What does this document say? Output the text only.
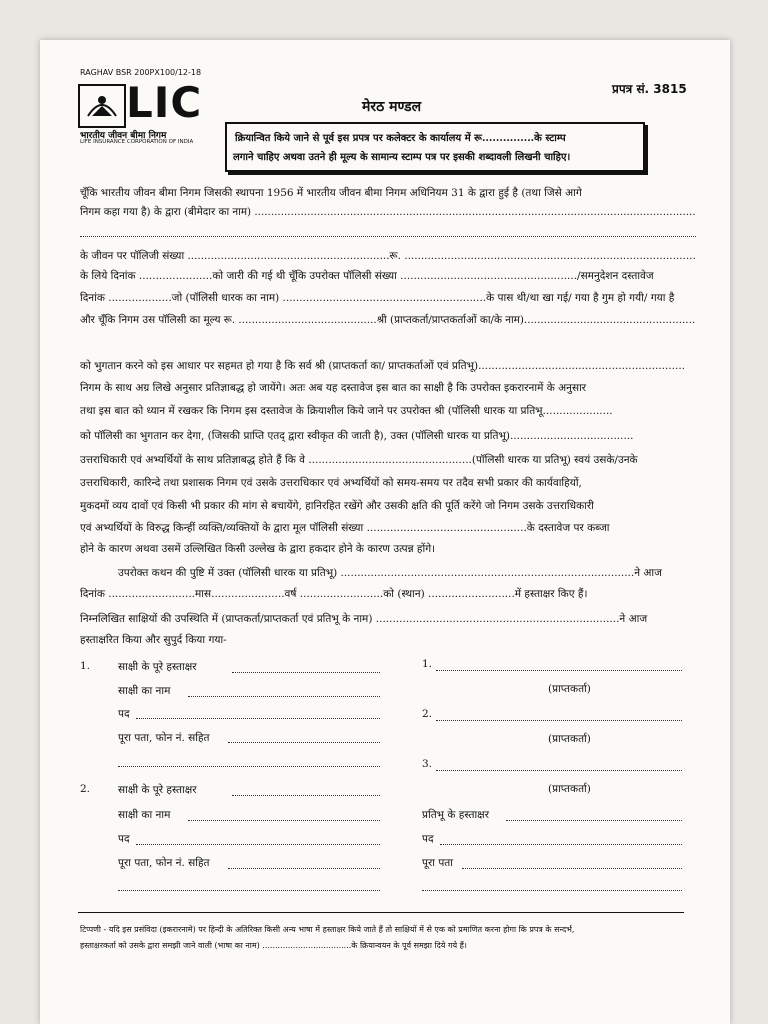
RAGHAV BSR 200PX100/12-18
प्रपत्र सं. 3815
LIC
भारतीय जीवन बीमा निगम
LIFE INSURANCE CORPORATION OF INDIA
मेरठ मण्डल
क्रियान्वित किये जाने से पूर्व इस प्रपत्र पर कलेक्टर के कार्यालय में रू...............के स्टाम्प
लगाने चाहिए अथवा उतने ही मूल्य के सामान्य स्टाम्प पत्र पर इसकी शब्दावली लिखनी चाहिए।
चूँकि भारतीय जीवन बीमा निगम जिसकी स्थापना 1956 में भारतीय जीवन बीमा निगम अधिनियम 31 के द्वारा हुई है (तथा जिसे आगे
निगम कहा गया है) के द्वारा (बीमेदार का नाम) ......................................................................................................................................
के जीवन पर पॉलिजी संख्या .............................................................रू. ........................................................................................
के लिये दिनांक ......................को जारी की गई थी चूँकि उपरोक्त पॉलिसी संख्या ...................................................../समनुदेशन दस्तावेज
दिनांक ...................जो (पॉलिसी धारक का नाम) .............................................................के पास थी/था खा गई/ गया है गुम हो गयी/ गया है
और चूँकि निगम उस पॉलिसी का मूल्य रू. ..........................................श्री (प्राप्तकर्ता/प्राप्तकर्ताओं का/के नाम)....................................................
को भुगतान करने को इस आधार पर सहमत हो गया है कि सर्व श्री (प्राप्तकर्ता का/ प्राप्तकर्ताओं एवं प्रतिभू)..............................................................
निगम के साथ अग्र लिखे अनुसार प्रतिज्ञाबद्ध हो जायेंगे। अतः अब यह दस्तावेज इस बात का साक्षी है कि उपरोक्त इकरारनामें के अनुसार
तथा इस बात को ध्यान में रखकर कि निगम इस दस्तावेज के क्रियाशील किये जाने पर उपरोक्त श्री (पॉलिसी धारक या प्रतिभू.....................
को पॉलिसी का भुगतान कर देगा, (जिसकी प्राप्ति एतद् द्वारा स्वीकृत की जाती है), उक्त (पॉलिसी धारक या प्रतिभू).....................................
उत्तराधिकारी एवं अभ्यर्थियों के साथ प्रतिज्ञाबद्ध होते हैं कि वे .................................................(पॉलिसी धारक या प्रतिभू) स्वयं उसके/उनके
उत्तराधिकारी, कारिन्दे तथा प्रशासक निगम एवं उसके उत्तराधिकार एवं अभ्यर्थियों को समय-समय पर तदैव सभी प्रकार की कार्यवाहियों,
मुकदमों व्यय दावों एवं किसी भी प्रकार की मांग से बचायेंगे, हानिरहित रखेंगे और उसकी क्षति की पूर्ति करेंगे जो निगम उसके उत्तराधिकारी
एवं अभ्यर्थियों के विरुद्ध किन्हीं व्यक्ति/व्यक्तियों के द्वारा मूल पॉलिसी संख्या ................................................के दस्तावेज पर कब्जा
होने के कारण अथवा उसमें उल्लिखित किसी उल्लेख के द्वारा हकदार होने के कारण उत्पन्न होंगे।
उपरोक्त कथन की पुष्टि में उक्त (पॉलिसी धारक या प्रतिभू) ........................................................................................ने आज
दिनांक ..........................मास......................वर्ष .........................को (स्थान) ..........................में हस्ताक्षर किए हैं।
निम्नलिखित साक्षियों की उपस्थिति में (प्राप्तकर्ता/प्राप्तकर्ता एवं प्रतिभू के नाम) .........................................................................ने आज
हस्ताक्षरित किया और सुपुर्द किया गया-
1.	साक्षी के पूरे हस्ताक्षर
साक्षी का नाम
पद
पूरा पता, फोन नं. सहित
1.
(प्राप्तकर्ता)
2.
(प्राप्तकर्ता)
3.
(प्राप्तकर्ता)
2.	साक्षी के पूरे हस्ताक्षर
साक्षी का नाम
पद
पूरा पता, फोन नं. सहित
प्रतिभू के हस्ताक्षर
पद
पूरा पता
टिप्पणी - यदि इस प्रसंविदा (इकरारनामे) पर हिन्दी के अतिरिक्त किसी अन्य भाषा में हस्ताक्षर किये जाते हैं तो साक्षियों में से एक को प्रमाणित करना होगा कि प्रपत्र के सन्दर्भ,
हस्ताक्षरकर्ता को उसके द्वारा समझी जाने वाली (भाषा का नाम) ...................................के क्रियान्वयन के पूर्व समझा दिये गये हैं।
